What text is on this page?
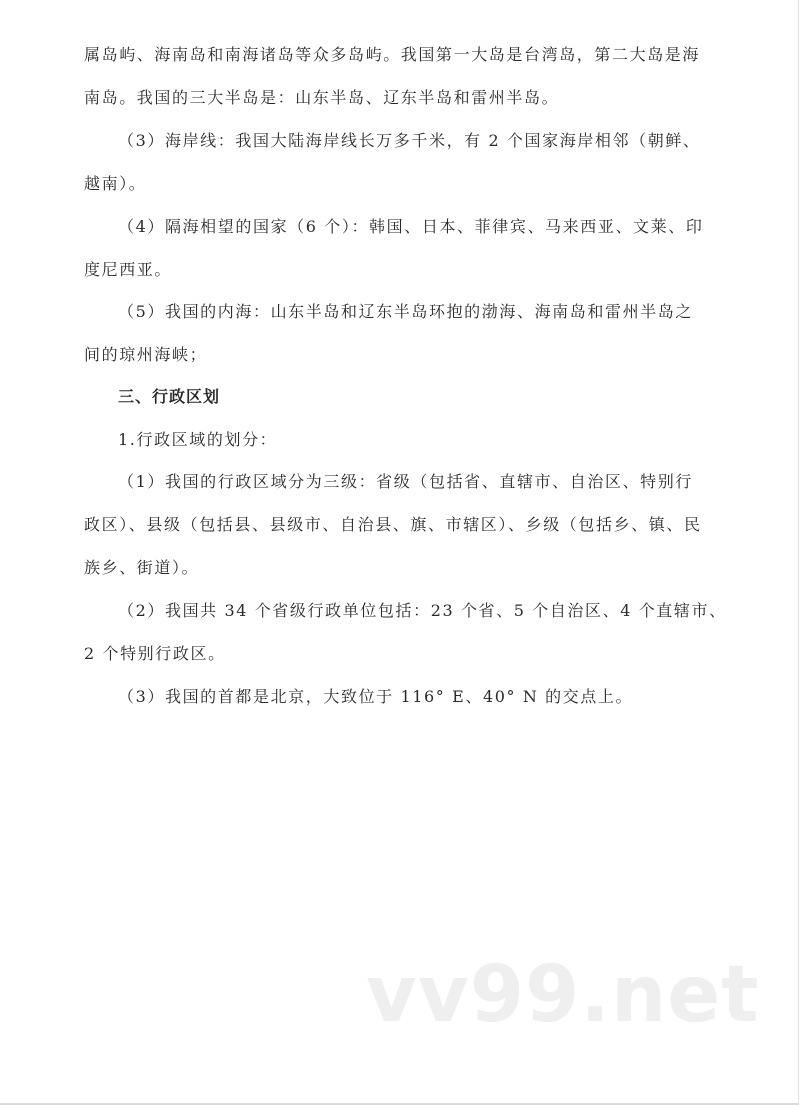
属岛屿、海南岛和南海诸岛等众多岛屿。我国第一大岛是台湾岛，第二大岛是海
南岛。我国的三大半岛是：山东半岛、辽东半岛和雷州半岛。
（3）海岸线：我国大陆海岸线长万多千米，有 2 个国家海岸相邻（朝鲜、
越南）。
（4）隔海相望的国家（6 个）：韩国、日本、菲律宾、马来西亚、文莱、印
度尼西亚。
（5）我国的内海：山东半岛和辽东半岛环抱的渤海、海南岛和雷州半岛之
间的琼州海峡；
三、行政区划
1.行政区域的划分：
（1）我国的行政区域分为三级：省级（包括省、直辖市、自治区、特别行
政区）、县级（包括县、县级市、自治县、旗、市辖区）、乡级（包括乡、镇、民
族乡、街道）。
（2）我国共 34 个省级行政单位包括：23 个省、5 个自治区、4 个直辖市、
2 个特别行政区。
（3）我国的首都是北京，大致位于 116° E、40° N 的交点上。
vv99.net
